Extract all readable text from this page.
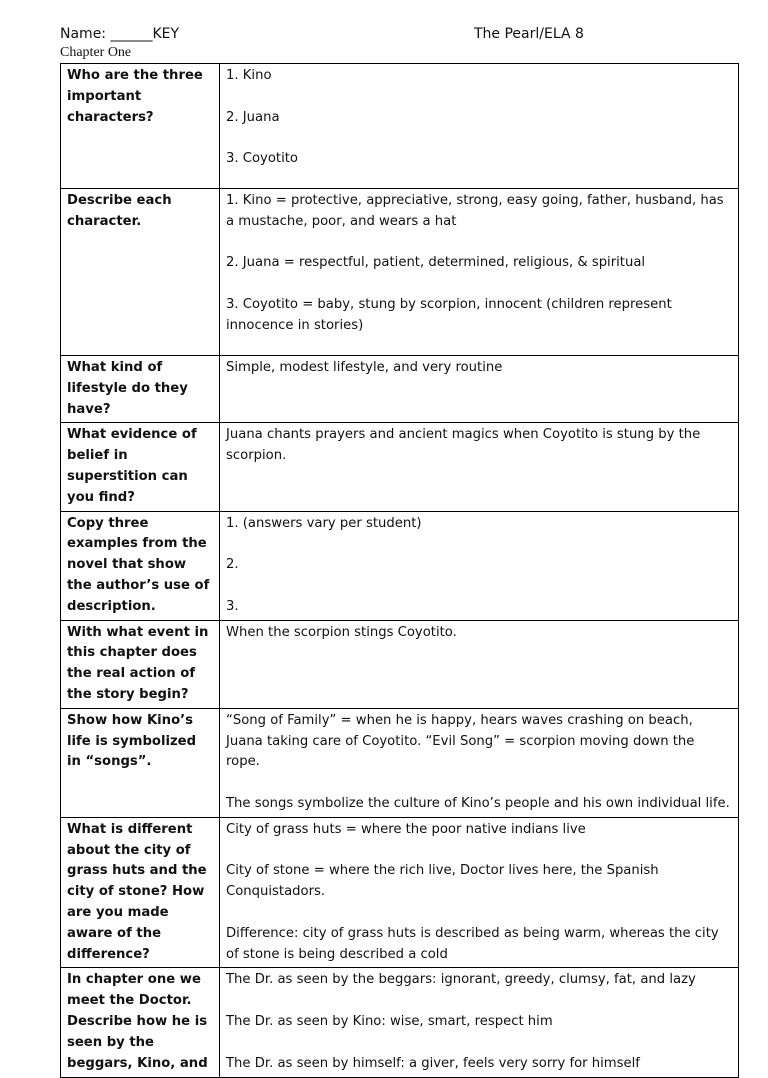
Name: ______KEY	The Pearl/ELA 8
Chapter One
Who are the three important characters?	1. Kino

2. Juana

3. Coyotito

Describe each character.	1. Kino = protective, appreciative, strong, easy going, father, husband, has a mustache, poor, and wears a hat

2. Juana = respectful, patient, determined, religious, & spiritual

3. Coyotito = baby, stung by scorpion, innocent (children represent innocence in stories)

What kind of lifestyle do they have?	Simple, modest lifestyle, and very routine

What evidence of belief in superstition can you find?	Juana chants prayers and ancient magics when Coyotito is stung by the scorpion.

Copy three examples from the novel that show the author’s use of description.	1. (answers vary per student)

2.

3.

With what event in this chapter does the real action of the story begin?	When the scorpion stings Coyotito.

Show how Kino’s life is symbolized in “songs”.	“Song of Family” = when he is happy, hears waves crashing on beach, Juana taking care of Coyotito. “Evil Song” = scorpion moving down the rope.

The songs symbolize the culture of Kino’s people and his own individual life.

What is different about the city of grass huts and the city of stone? How are you made aware of the difference?	City of grass huts = where the poor native indians live

City of stone = where the rich live, Doctor lives here, the Spanish Conquistadors.

Difference: city of grass huts is described as being warm, whereas the city of stone is being described a cold

In chapter one we meet the Doctor. Describe how he is seen by the beggars, Kino, and	The Dr. as seen by the beggars: ignorant, greedy, clumsy, fat, and lazy

The Dr. as seen by Kino: wise, smart, respect him

The Dr. as seen by himself: a giver, feels very sorry for himself
